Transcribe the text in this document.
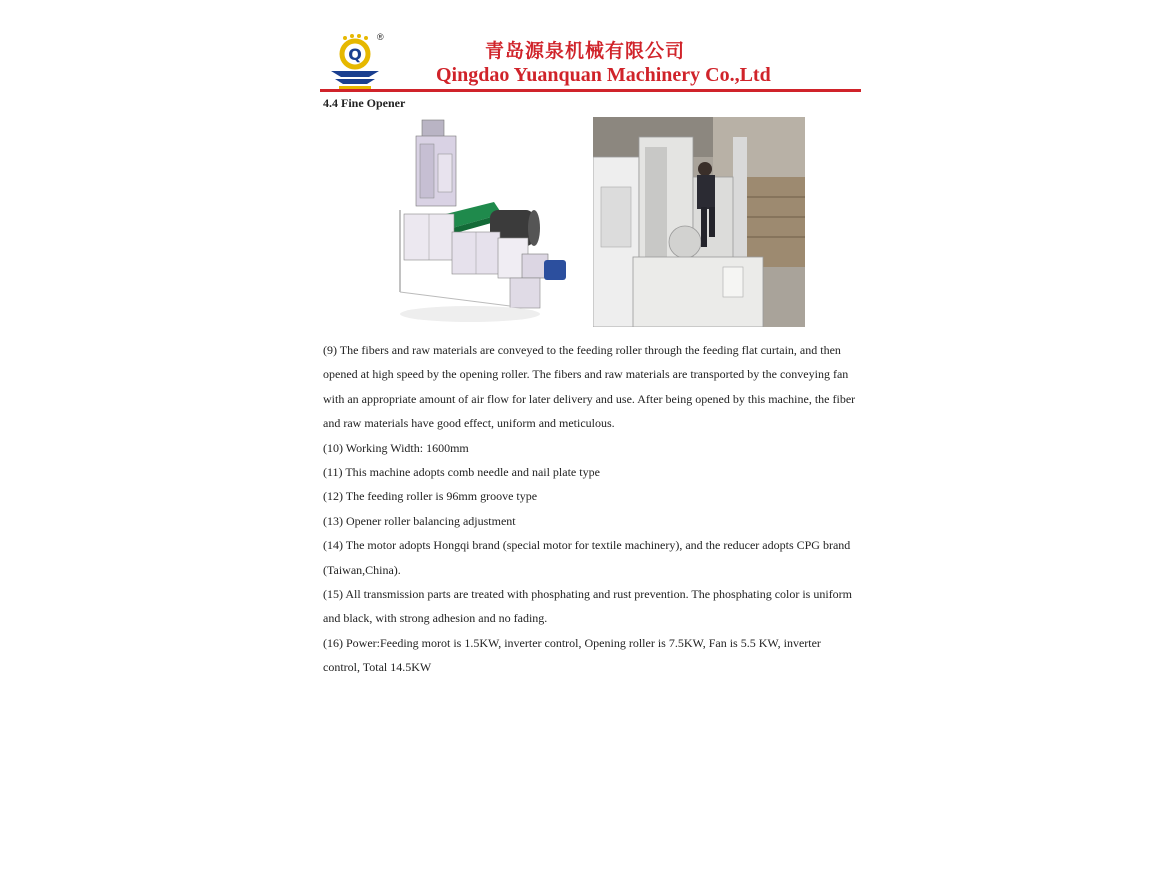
Q
®
青岛源泉机械有限公司
Qingdao Yuanquan Machinery Co.,Ltd
4.4 Fine Opener

(9) The fibers and raw materials are conveyed to the feeding roller through the feeding flat curtain, and then opened at high speed by the opening roller. The fibers and raw materials are transported by the conveying fan with an appropriate amount of air flow for later delivery and use. After being opened by this machine, the fiber and raw materials have good effect, uniform and meticulous.

(10) Working Width: 1600mm

(11) This machine adopts comb needle and nail plate type

(12) The feeding roller is 96mm groove type

(13) Opener roller balancing adjustment

(14) The motor adopts Hongqi brand (special motor for textile machinery), and the reducer adopts CPG brand (Taiwan,China).

(15) All transmission parts are treated with phosphating and rust prevention. The phosphating color is uniform and black, with strong adhesion and no fading.

(16) Power:Feeding morot is 1.5KW, inverter control, Opening roller is 7.5KW, Fan is 5.5 KW, inverter control, Total 14.5KW
